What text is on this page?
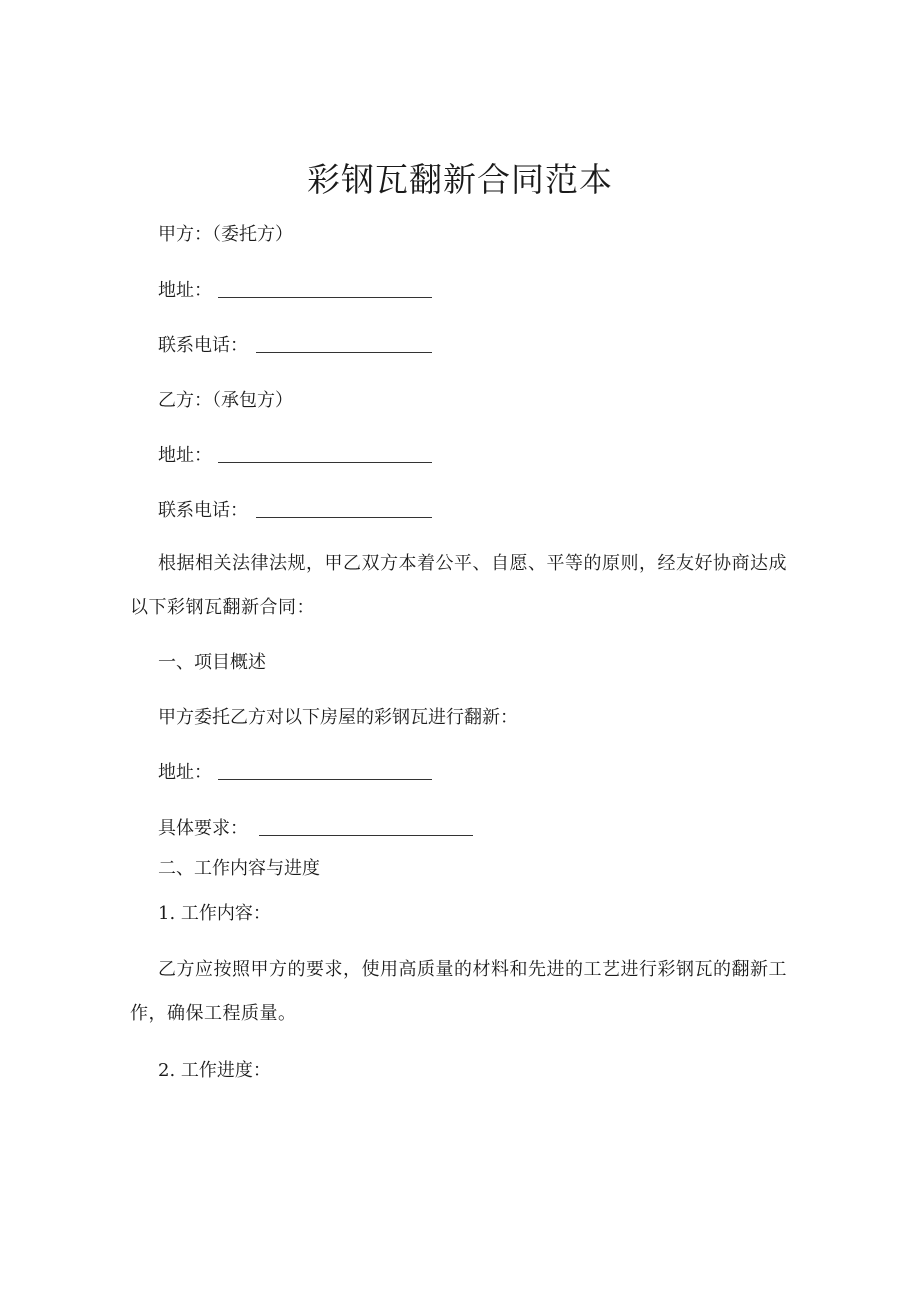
彩钢瓦翻新合同范本
甲方：（委托方）
地址：
联系电话：
乙方：（承包方）
地址：
联系电话：
根据相关法律法规，甲乙双方本着公平、自愿、平等的原则，经友好协商达成以下彩钢瓦翻新合同：
一、项目概述
甲方委托乙方对以下房屋的彩钢瓦进行翻新：
地址：
具体要求：
二、工作内容与进度
1. 工作内容：
乙方应按照甲方的要求，使用高质量的材料和先进的工艺进行彩钢瓦的翻新工作，确保工程质量。
2. 工作进度：
